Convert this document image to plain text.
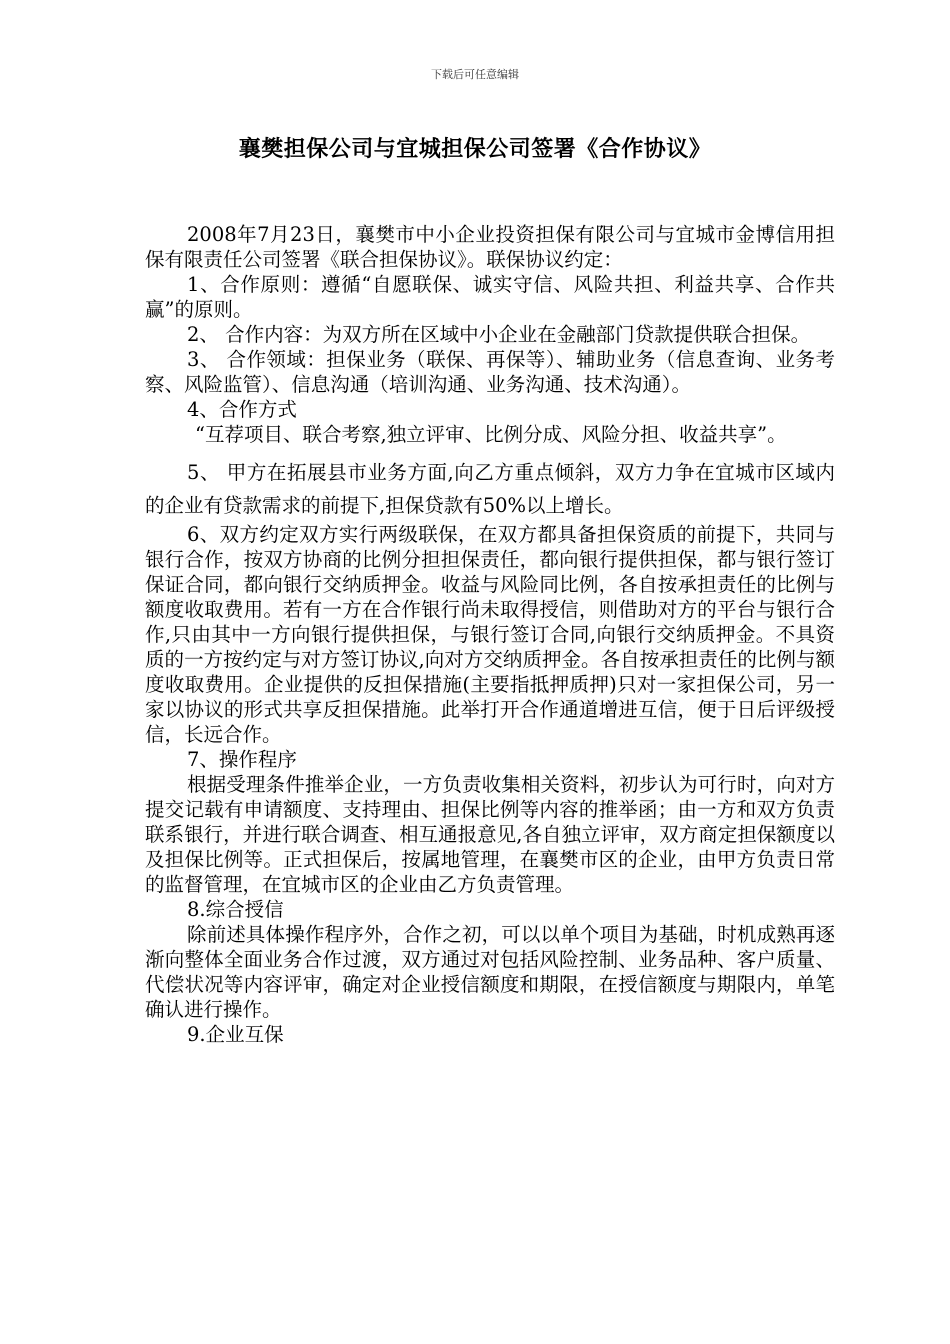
下载后可任意编辑
襄樊担保公司与宜城担保公司签署《合作协议》

2008年7月23日，襄樊市中小企业投资担保有限公司与宜城市金博信用担保有限责任公司签署《联合担保协议》。联保协议约定：

1、合作原则：遵循“自愿联保、诚实守信、风险共担、利益共享、合作共赢”的原则。

2、 合作内容：为双方所在区域中小企业在金融部门贷款提供联合担保。

3、 合作领域：担保业务（联保、再保等）、辅助业务（信息查询、业务考察、风险监管）、信息沟通（培训沟通、业务沟通、技术沟通）。

4、合作方式

“互荐项目、联合考察,独立评审、比例分成、风险分担、收益共享”。

5、 甲方在拓展县市业务方面,向乙方重点倾斜，双方力争在宜城市区域内的企业有贷款需求的前提下,担保贷款有50%以上增长。

6、双方约定双方实行两级联保，在双方都具备担保资质的前提下，共同与银行合作，按双方协商的比例分担担保责任，都向银行提供担保，都与银行签订保证合同，都向银行交纳质押金。收益与风险同比例，各自按承担责任的比例与额度收取费用。若有一方在合作银行尚未取得授信，则借助对方的平台与银行合作,只由其中一方向银行提供担保，与银行签订合同,向银行交纳质押金。不具资质的一方按约定与对方签订协议,向对方交纳质押金。各自按承担责任的比例与额度收取费用。企业提供的反担保措施(主要指抵押质押)只对一家担保公司，另一家以协议的形式共享反担保措施。此举打开合作通道增进互信，便于日后评级授信，长远合作。

7、操作程序

根据受理条件推举企业，一方负责收集相关资料，初步认为可行时，向对方提交记载有申请额度、支持理由、担保比例等内容的推举函；由一方和双方负责联系银行，并进行联合调查、相互通报意见,各自独立评审，双方商定担保额度以及担保比例等。正式担保后，按属地管理，在襄樊市区的企业，由甲方负责日常的监督管理，在宜城市区的企业由乙方负责管理。

8.综合授信

除前述具体操作程序外，合作之初，可以以单个项目为基础，时机成熟再逐渐向整体全面业务合作过渡，双方通过对包括风险控制、业务品种、客户质量、代偿状况等内容评审，确定对企业授信额度和期限，在授信额度与期限内，单笔确认进行操作。

9.企业互保
